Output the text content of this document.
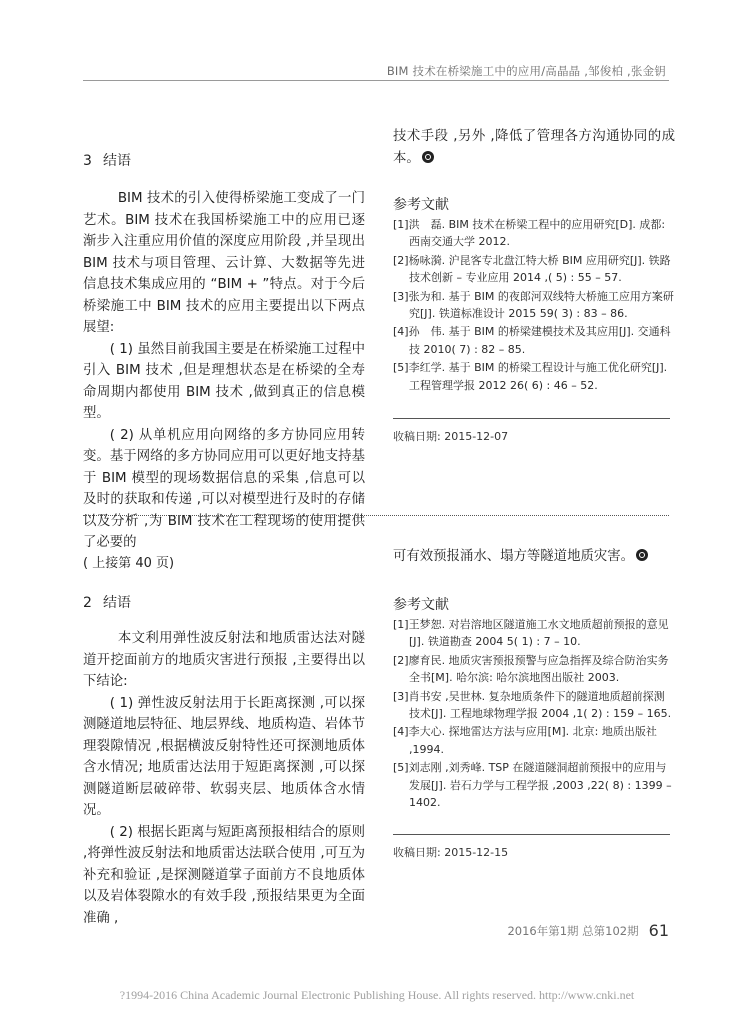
BIM 技术在桥梁施工中的应用/高晶晶 ,邹俊柏 ,张金钥
3 结语

BIM 技术的引入使得桥梁施工变成了一门艺术。BIM 技术在我国桥梁施工中的应用已逐渐步入注重应用价值的深度应用阶段 ,并呈现出 BIM 技术与项目管理、云计算、大数据等先进信息技术集成应用的 “BIM + ”特点。对于今后桥梁施工中 BIM 技术的应用主要提出以下两点展望:

( 1) 虽然目前我国主要是在桥梁施工过程中引入 BIM 技术 ,但是理想状态是在桥梁的全寿命周期内都使用 BIM 技术 ,做到真正的信息模型。

( 2) 从单机应用向网络的多方协同应用转变。基于网络的多方协同应用可以更好地支持基于 BIM 模型的现场数据信息的采集 ,信息可以及时的获取和传递 ,可以对模型进行及时的存储以及分析 ,为 BIM 技术在工程现场的使用提供了必要的

技术手段 ,另外 ,降低了管理各方沟通协同的成本。
参考文献
[1]洪　磊. BIM 技术在桥梁工程中的应用研究[D]. 成都: 西南交通大学 2012.
[2]杨咏漪. 沪昆客专北盘江特大桥 BIM 应用研究[J]. 铁路技术创新 – 专业应用 2014 ,( 5) : 55 – 57.
[3]张为和. 基于 BIM 的夜郎河双线特大桥施工应用方案研究[J]. 铁道标准设计 2015 59( 3) : 83 – 86.
[4]孙　伟. 基于 BIM 的桥梁建模技术及其应用[J]. 交通科技 2010( 7) : 82 – 85.
[5]李红学. 基于 BIM 的桥梁工程设计与施工优化研究[J]. 工程管理学报 2012 26( 6) : 46 – 52.
收稿日期: 2015-12-07
( 上接第 40 页)
2 结语

本文利用弹性波反射法和地质雷达法对隧道开挖面前方的地质灾害进行预报 ,主要得出以下结论:

( 1) 弹性波反射法用于长距离探测 ,可以探测隧道地层特征、地层界线、地质构造、岩体节理裂隙情况 ,根据横波反射特性还可探测地质体含水情况; 地质雷达法用于短距离探测 ,可以探测隧道断层破碎带、软弱夹层、地质体含水情况。

( 2) 根据长距离与短距离预报相结合的原则 ,将弹性波反射法和地质雷达法联合使用 ,可互为补充和验证 ,是探测隧道掌子面前方不良地质体以及岩体裂隙水的有效手段 ,预报结果更为全面准确 ,

可有效预报涌水、塌方等隧道地质灾害。
参考文献
[1]王梦恕. 对岩溶地区隧道施工水文地质超前预报的意见[J]. 铁道勘查 2004 5( 1) : 7 – 10.
[2]廖育民. 地质灾害预报预警与应急指挥及综合防治实务全书[M]. 哈尔滨: 哈尔滨地图出版社 2003.
[3]肖书安 ,吴世林. 复杂地质条件下的隧道地质超前探测技术[J]. 工程地球物理学报 2004 ,1( 2) : 159 – 165.
[4]李大心. 探地雷达方法与应用[M]. 北京: 地质出版社 ,1994.
[5]刘志刚 ,刘秀峰. TSP 在隧道隧洞超前预报中的应用与发展[J]. 岩石力学与工程学报 ,2003 ,22( 8) : 1399 – 1402.
收稿日期: 2015-12-15
2016年第1期 总第102期 61
?1994-2016 China Academic Journal Electronic Publishing House. All rights reserved. http://www.cnki.net
